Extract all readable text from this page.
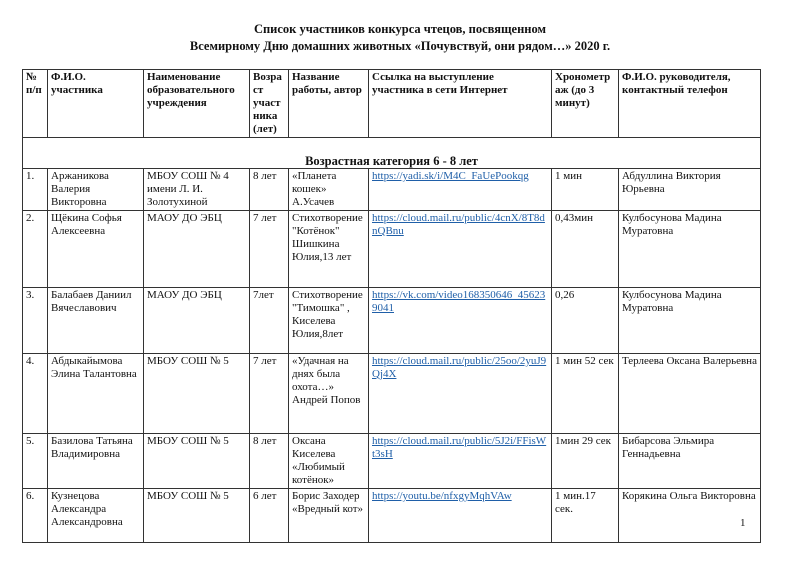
Список участников конкурса чтецов, посвященном
Всемирному Дню домашних животных «Почувствуй, они рядом…» 2020 г.
№ п/п	Ф.И.О. участника	Наименование образовательного учреждения	Возраст участника (лет)	Название работы, автор	Ссылка на выступление участника в сети Интернет	Хронометраж (до 3 минут)	Ф.И.О. руководителя, контактный телефон
Возрастная категория 6 - 8 лет							
1.	Аржаникова Валерия Викторовна	МБОУ СОШ № 4 имени Л. И. Золотухиной	8 лет	«Планета кошек» А.Усачев	https://yadi.sk/i/M4C_FaUePookqg	1 мин	Абдуллина Виктория Юрьевна
2.	Щёкина Софья Алексеевна	МАОУ ДО ЭБЦ	7 лет	Стихотворение "Котёнок" Шишкина Юлия,13 лет	https://cloud.mail.ru/public/4cnX/8T8dnQBnu	0,43мин	Кулбосунова Мадина Муратовна
3.	Балабаев Даниил Вячеславович	МАОУ ДО ЭБЦ	7лет	Стихотворение "Тимошка" , Киселева Юлия,8лет	https://vk.com/video168350646_456239041	0,26	Кулбосунова Мадина Муратовна
4.	Абдыкайымова Элина Талантовна	МБОУ СОШ № 5	7 лет	«Удачная на днях была охота…» Андрей Попов	https://cloud.mail.ru/public/25oo/2yuJ9Qj4X	1 мин 52 сек	Терлеева Оксана Валерьевна
5.	Базилова Татьяна Владимировна	МБОУ СОШ № 5	8 лет	Оксана Киселева «Любимый котёнок»	https://cloud.mail.ru/public/5J2i/FFisWt3sH	1мин 29 сек	Бибарсова Эльмира Геннадьевна
6.	Кузнецова Александра Александровна	МБОУ СОШ № 5	6 лет	Борис Заходер «Вредный кот»	https://youtu.be/nfxgyMqhVAw	1 мин.17 сек.	Корякина Ольга Викторовна
1
